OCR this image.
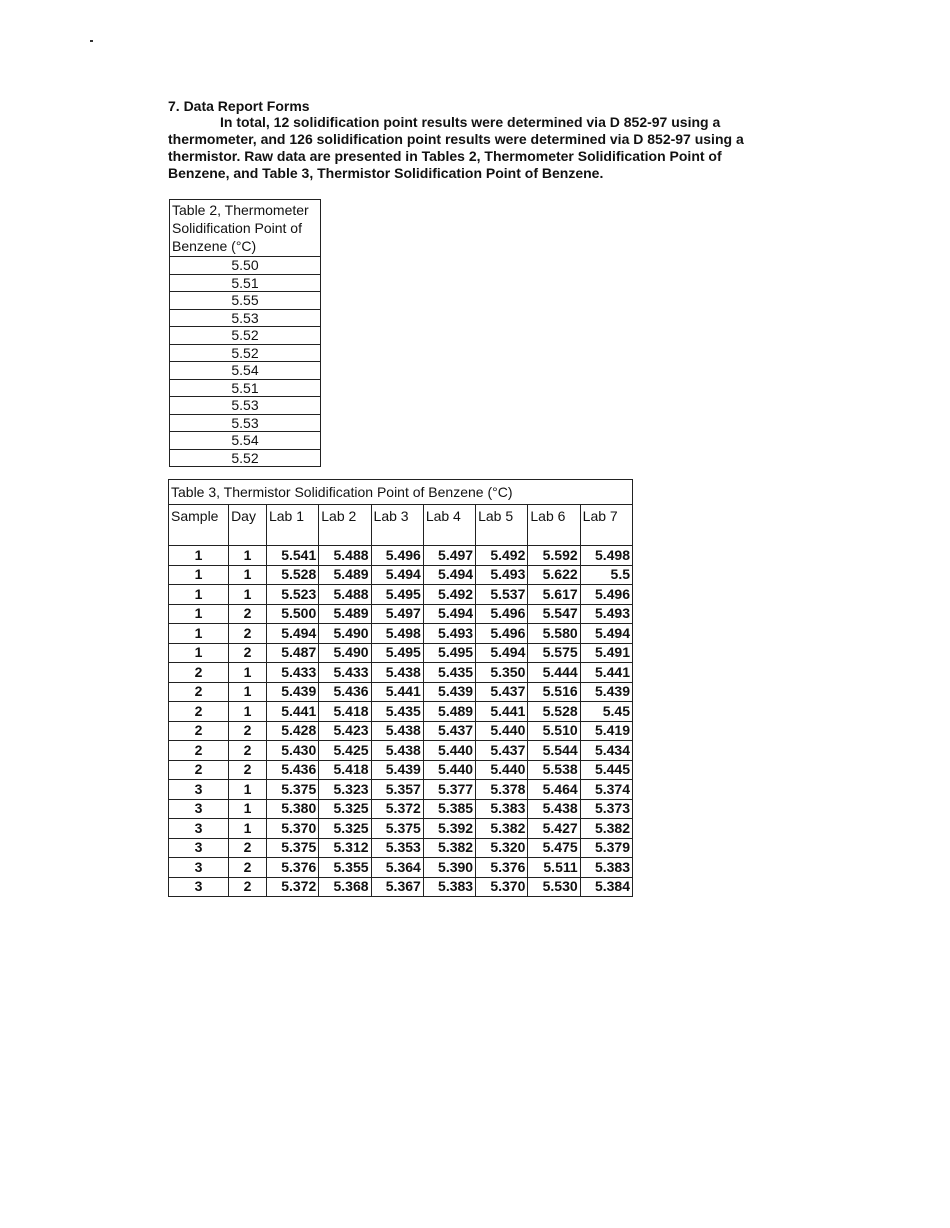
7. Data Report Forms
In total, 12 solidification point results were determined via D 852-97 using a thermometer, and 126 solidification point results were determined via D 852-97 using a thermistor. Raw data are presented in Tables 2, Thermometer Solidification Point of Benzene, and Table 3, Thermistor Solidification Point of Benzene.
Table 2, Thermometer Solidification Point of Benzene (°C)
5.50
5.51
5.55
5.53
5.52
5.52
5.54
5.51
5.53
5.53
5.54
5.52
Table 3, Thermistor Solidification Point of Benzene (°C)								
Sample	Day	Lab 1	Lab 2	Lab 3	Lab 4	Lab 5	Lab 6	Lab 7
1	1	5.541	5.488	5.496	5.497	5.492	5.592	5.498
1	1	5.528	5.489	5.494	5.494	5.493	5.622	5.5
1	1	5.523	5.488	5.495	5.492	5.537	5.617	5.496
1	2	5.500	5.489	5.497	5.494	5.496	5.547	5.493
1	2	5.494	5.490	5.498	5.493	5.496	5.580	5.494
1	2	5.487	5.490	5.495	5.495	5.494	5.575	5.491
2	1	5.433	5.433	5.438	5.435	5.350	5.444	5.441
2	1	5.439	5.436	5.441	5.439	5.437	5.516	5.439
2	1	5.441	5.418	5.435	5.489	5.441	5.528	5.45
2	2	5.428	5.423	5.438	5.437	5.440	5.510	5.419
2	2	5.430	5.425	5.438	5.440	5.437	5.544	5.434
2	2	5.436	5.418	5.439	5.440	5.440	5.538	5.445
3	1	5.375	5.323	5.357	5.377	5.378	5.464	5.374
3	1	5.380	5.325	5.372	5.385	5.383	5.438	5.373
3	1	5.370	5.325	5.375	5.392	5.382	5.427	5.382
3	2	5.375	5.312	5.353	5.382	5.320	5.475	5.379
3	2	5.376	5.355	5.364	5.390	5.376	5.511	5.383
3	2	5.372	5.368	5.367	5.383	5.370	5.530	5.384
